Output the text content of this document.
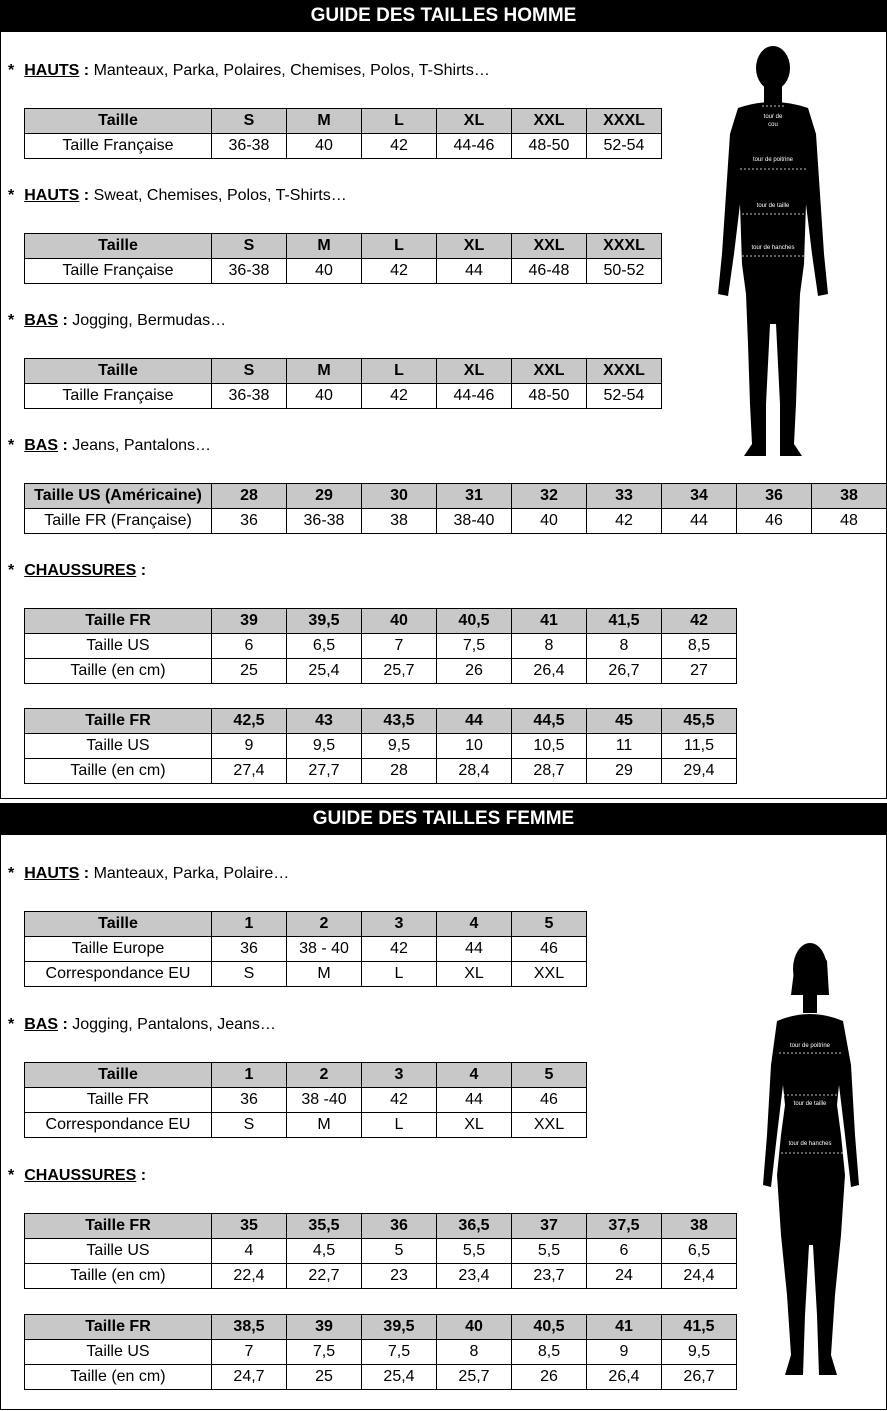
GUIDE DES TAILLES HOMME
* HAUTS : Manteaux, Parka, Polaires, Chemises, Polos, T-Shirts…
Taille	S	M	L	XL	XXL	XXXL
Taille Française	36-38	40	42	44-46	48-50	52-54
* HAUTS : Sweat, Chemises, Polos, T-Shirts…
Taille	S	M	L	XL	XXL	XXXL
Taille Française	36-38	40	42	44	46-48	50-52
* BAS : Jogging, Bermudas…
Taille	S	M	L	XL	XXL	XXXL
Taille Française	36-38	40	42	44-46	48-50	52-54
* BAS : Jeans, Pantalons…
Taille US (Américaine)	28	29	30	31	32	33	34	36	38
Taille FR (Française)	36	36-38	38	38-40	40	42	44	46	48
* CHAUSSURES :
Taille FR	39	39,5	40	40,5	41	41,5	42
Taille US	6	6,5	7	7,5	8	8	8,5
Taille (en cm)	25	25,4	25,7	26	26,4	26,7	27
Taille FR	42,5	43	43,5	44	44,5	45	45,5
Taille US	9	9,5	9,5	10	10,5	11	11,5
Taille (en cm)	27,4	27,7	28	28,4	28,7	29	29,4
tour de
cou
tour de poitrine
tour de taille
tour de hanches
GUIDE DES TAILLES FEMME
* HAUTS : Manteaux, Parka, Polaire…
Taille	1	2	3	4	5
Taille Europe	36	38 - 40	42	44	46
Correspondance EU	S	M	L	XL	XXL
* BAS : Jogging, Pantalons, Jeans…
Taille	1	2	3	4	5
Taille FR	36	38 -40	42	44	46
Correspondance EU	S	M	L	XL	XXL
* CHAUSSURES :
Taille FR	35	35,5	36	36,5	37	37,5	38
Taille US	4	4,5	5	5,5	5,5	6	6,5
Taille (en cm)	22,4	22,7	23	23,4	23,7	24	24,4
Taille FR	38,5	39	39,5	40	40,5	41	41,5
Taille US	7	7,5	7,5	8	8,5	9	9,5
Taille (en cm)	24,7	25	25,4	25,7	26	26,4	26,7
tour de poitrine
tour de taille
tour de hanches
